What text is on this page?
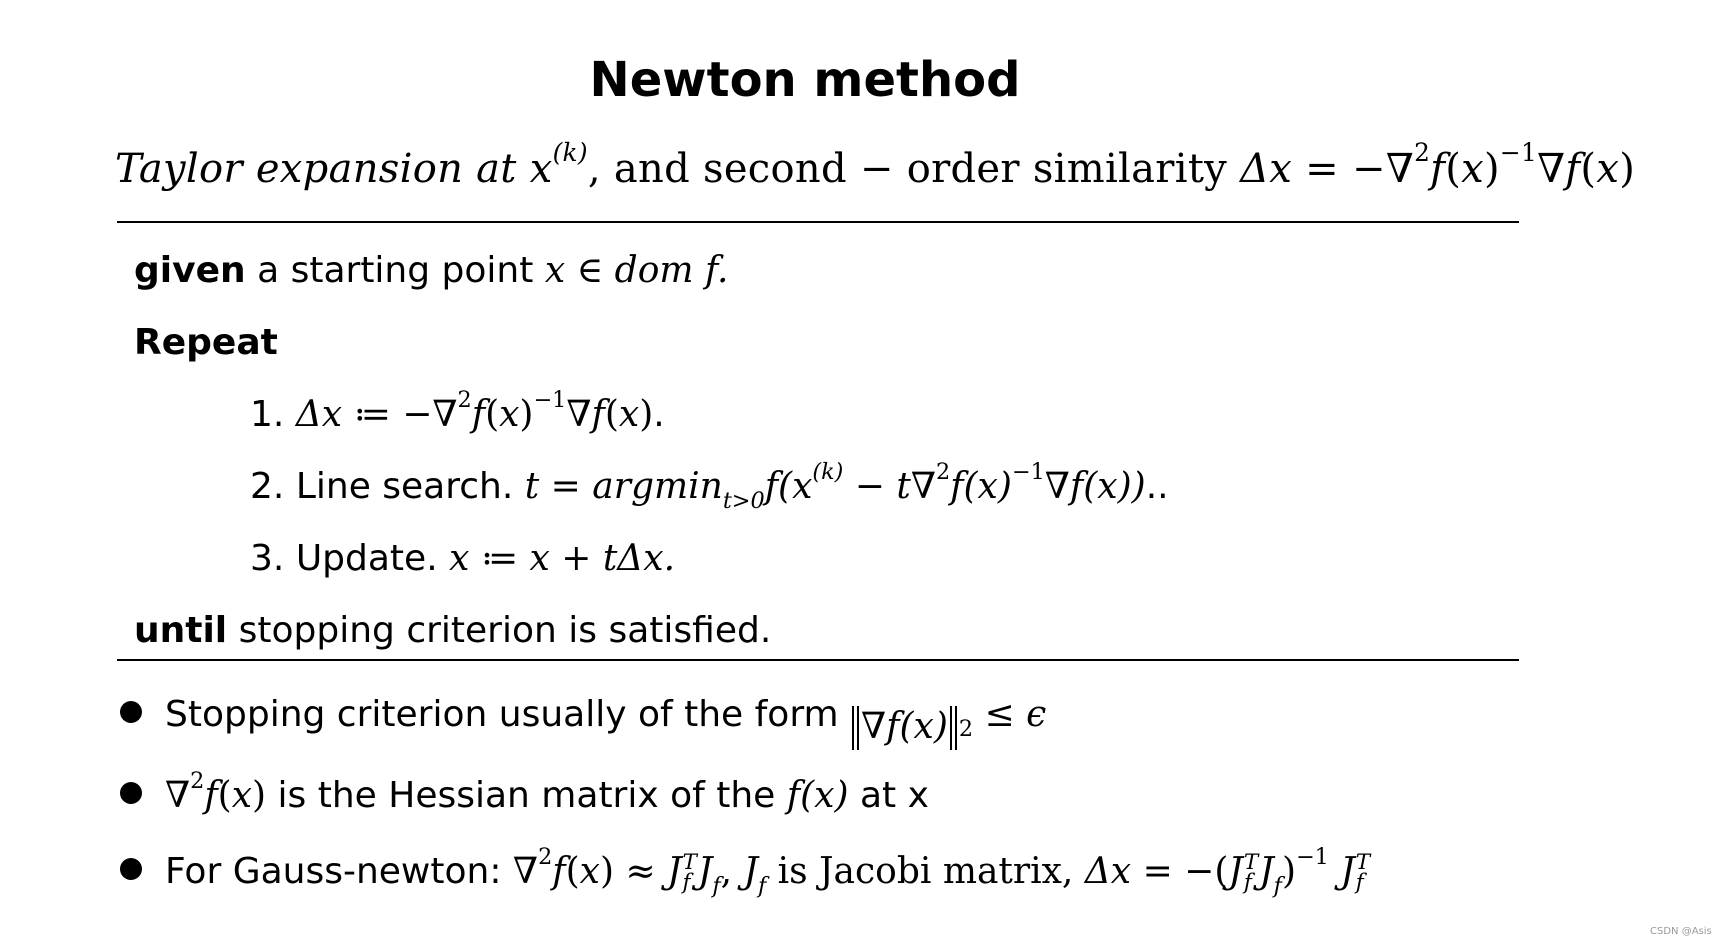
Newton method
Taylor expansion at $x^{(k)}$, and second − order similarity $\Delta x = -\nabla^2f(x)^{-1}\nabla f(x)$
given a starting point x ∈ dom f.
Repeat
1. Δx ≔ $-\nabla^2f(x)^{-1}\nabla f(x)$.
2. Line search. $t = argmin_{t>0}f(x^{(k)} - t\nabla^2f(x)^{-1}\nabla f(x))$..
3. Update. x ≔ x + tΔx.
until stopping criterion is satisfied.
Stopping criterion usually of the form ∇f(x) $_2$ ≤ ϵ
∇$^2$f(x) is the Hessian matrix of the f(x) at x
For Gauss-newton: ∇$^2$f(x) ≈ J T
f $J_f$, $J_f$ is Jacobi matrix, Δx = −(J T
f $J_f)^{-1}$ J T
f
CSDN @Asis
